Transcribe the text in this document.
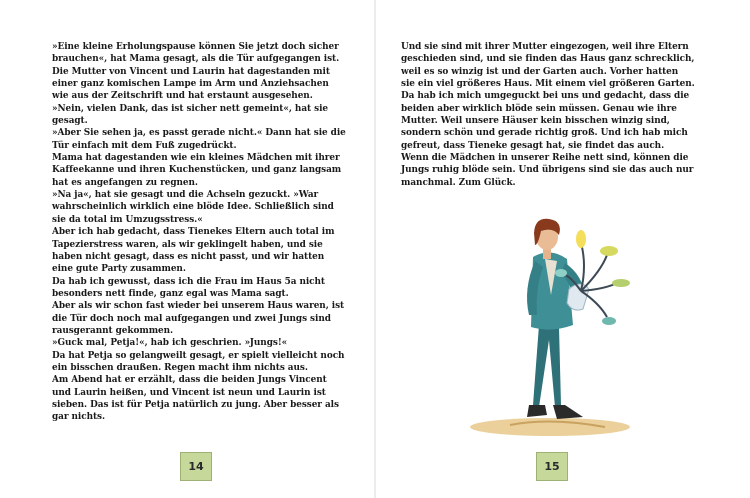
»Eine kleine Erholungspause können Sie jetzt doch sicher brauchen«, hat Mama gesagt, als die Tür aufgegangen ist.

Die Mutter von Vincent und Laurin hat dagestanden mit einer ganz komischen Lampe im Arm und Anziehsachen wie aus der Zeitschrift und hat erstaunt ausgesehen.

»Nein, vielen Dank, das ist sicher nett gemeint«, hat sie gesagt.

»Aber Sie sehen ja, es passt gerade nicht.« Dann hat sie die Tür einfach mit dem Fuß zugedrückt.

Mama hat dagestanden wie ein kleines Mädchen mit ihrer Kaffeekanne und ihren Kuchenstücken, und ganz langsam hat es angefangen zu regnen.

»Na ja«, hat sie gesagt und die Achseln gezuckt. »War wahrscheinlich wirklich eine blöde Idee. Schließlich sind sie da total im Umzugsstress.«

Aber ich hab gedacht, dass Tienekes Eltern auch total im Tapezierstress waren, als wir geklingelt haben, und sie haben nicht gesagt, dass es nicht passt, und wir hatten eine gute Party zusammen.

Da hab ich gewusst, dass ich die Frau im Haus 5a nicht besonders nett finde, ganz egal was Mama sagt.

Aber als wir schon fast wieder bei unserem Haus waren, ist die Tür doch noch mal aufgegangen und zwei Jungs sind rausgerannt gekommen.

»Guck mal, Petja!«, hab ich geschrien. »Jungs!«

Da hat Petja so gelangweilt gesagt, er spielt vielleicht noch ein bisschen draußen. Regen macht ihm nichts aus.

Am Abend hat er erzählt, dass die beiden Jungs Vincent und Laurin heißen, und Vincent ist neun und Laurin ist sieben. Das ist für Petja natürlich zu jung. Aber besser als gar nichts.

14

Und sie sind mit ihrer Mutter eingezogen, weil ihre Eltern geschieden sind, und sie finden das Haus ganz schrecklich, weil es so winzig ist und der Garten auch. Vorher hatten sie ein viel größeres Haus. Mit einem viel größeren Garten.

Da hab ich mich umgeguckt bei uns und gedacht, dass die beiden aber wirklich blöde sein müssen. Genau wie ihre Mutter. Weil unsere Häuser kein bisschen winzig sind, sondern schön und gerade richtig groß. Und ich hab mich gefreut, dass Tieneke gesagt hat, sie findet das auch.

Wenn die Mädchen in unserer Reihe nett sind, können die Jungs ruhig blöde sein. Und übrigens sind sie das auch nur manchmal. Zum Glück.

15
